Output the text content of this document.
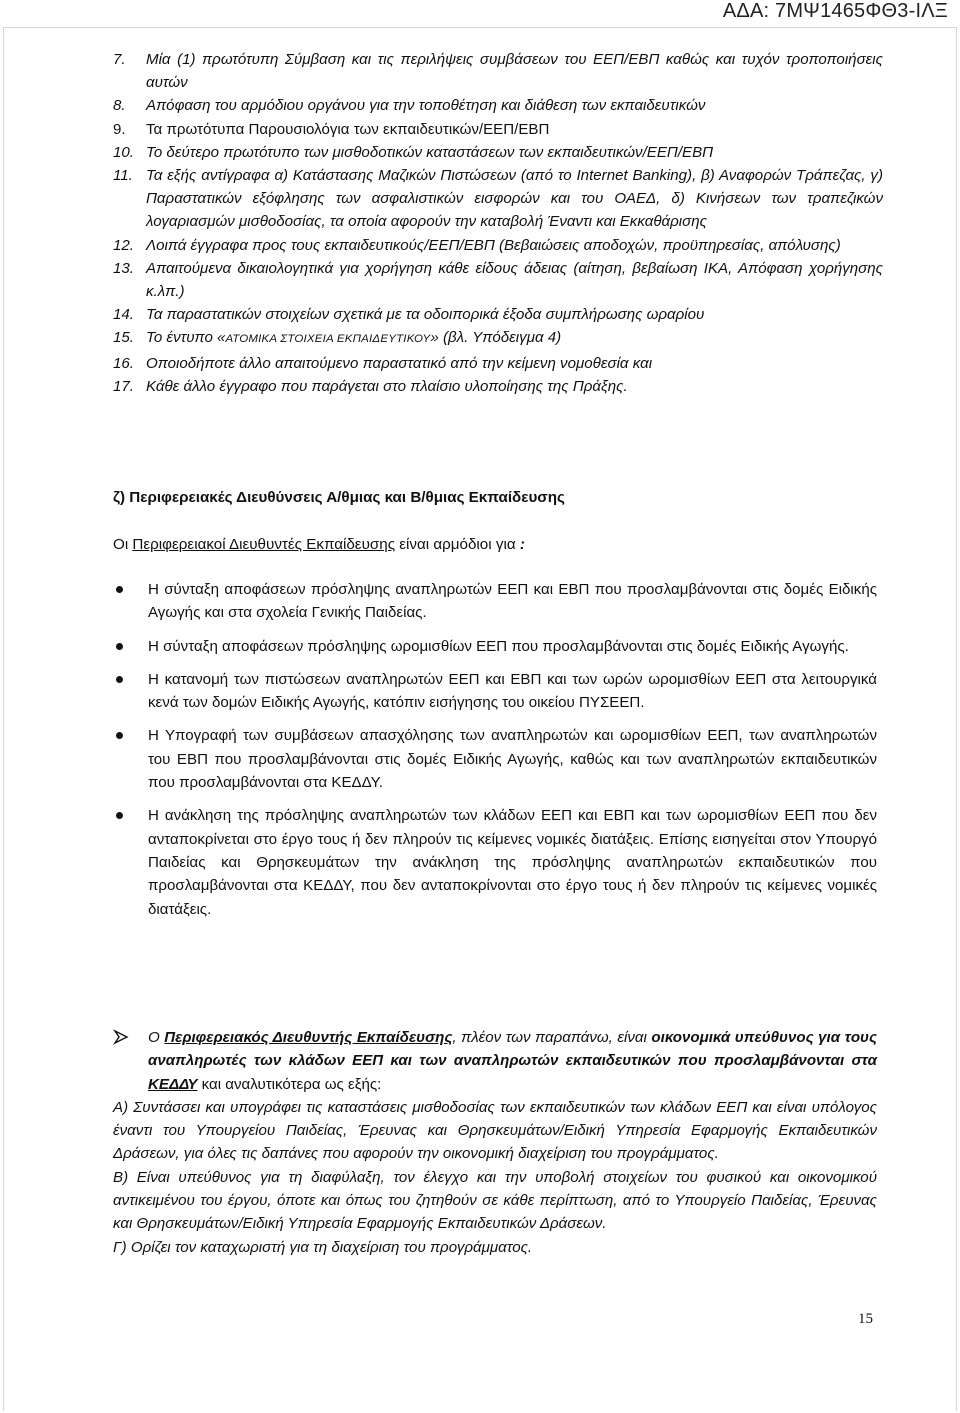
ΑΔΑ: 7ΜΨ1465ΦΘ3-ΙΛΞ
7.	Μία (1) πρωτότυπη Σύμβαση και τις περιλήψεις συμβάσεων του ΕΕΠ/ΕΒΠ καθώς και τυχόν τροποποιήσεις αυτών
8.	Απόφαση του αρμόδιου οργάνου για την τοποθέτηση και διάθεση των εκπαιδευτικών
9.	Τα πρωτότυπα Παρουσιολόγια των εκπαιδευτικών/ΕΕΠ/ΕΒΠ
10. Το δεύτερο πρωτότυπο των μισθοδοτικών καταστάσεων των εκπαιδευτικών/ΕΕΠ/ΕΒΠ
11. Τα εξής αντίγραφα α) Κατάστασης Μαζικών Πιστώσεων (από το Internet Banking), β) Αναφορών Τράπεζας, γ) Παραστατικών εξόφλησης των ασφαλιστικών εισφορών και του ΟΑΕΔ, δ) Κινήσεων των τραπεζικών λογαριασμών μισθοδοσίας, τα οποία αφορούν την καταβολή Έναντι και Εκκαθάρισης
12. Λοιπά έγγραφα προς τους εκπαιδευτικούς/ΕΕΠ/ΕΒΠ (Βεβαιώσεις αποδοχών, προϋπηρεσίας, απόλυσης)
13. Απαιτούμενα δικαιολογητικά για χορήγηση κάθε είδους άδειας (αίτηση, βεβαίωση ΙΚΑ, Απόφαση χορήγησης κ.λπ.)
14. Τα παραστατικών στοιχείων σχετικά με τα οδοιπορικά έξοδα συμπλήρωσης ωραρίου
15. Το έντυπο «ΑΤΟΜΙΚΑ ΣΤΟΙΧΕΙΑ ΕΚΠΑΙΔΕΥΤΙΚΟΥ» (βλ. Υπόδειγμα 4)
16. Οποιοδήποτε άλλο απαιτούμενο παραστατικό από την κείμενη νομοθεσία και
17. Κάθε άλλο έγγραφο που παράγεται στο πλαίσιο υλοποίησης της Πράξης.
ζ) Περιφερειακές Διευθύνσεις Α/θμιας και Β/θμιας Εκπαίδευσης
Οι Περιφερειακοί Διευθυντές Εκπαίδευσης είναι αρμόδιοι για :
Η σύνταξη αποφάσεων πρόσληψης αναπληρωτών ΕΕΠ και ΕΒΠ που προσλαμβάνονται στις δομές Ειδικής Αγωγής και στα σχολεία Γενικής Παιδείας.
Η σύνταξη αποφάσεων πρόσληψης ωρομισθίων ΕΕΠ που προσλαμβάνονται στις δομές Ειδικής Αγωγής.
Η κατανομή των πιστώσεων αναπληρωτών ΕΕΠ και ΕΒΠ και των ωρών ωρομισθίων ΕΕΠ στα λειτουργικά κενά των δομών Ειδικής Αγωγής, κατόπιν εισήγησης του οικείου ΠΥΣΕΕΠ.
Η Υπογραφή των συμβάσεων απασχόλησης των αναπληρωτών και ωρομισθίων ΕΕΠ, των αναπληρωτών του ΕΒΠ που προσλαμβάνονται στις δομές Ειδικής Αγωγής, καθώς και των αναπληρωτών εκπαιδευτικών που προσλαμβάνονται στα ΚΕΔΔΥ.
Η ανάκληση της πρόσληψης αναπληρωτών των κλάδων ΕΕΠ και ΕΒΠ και των ωρομισθίων ΕΕΠ που δεν ανταποκρίνεται στο έργο τους ή δεν πληρούν τις κείμενες νομικές διατάξεις. Επίσης εισηγείται στον Υπουργό Παιδείας και Θρησκευμάτων την ανάκληση της πρόσληψης αναπληρωτών εκπαιδευτικών που προσλαμβάνονται στα ΚΕΔΔΥ, που δεν ανταποκρίνονται στο έργο τους ή δεν πληρούν τις κείμενες νομικές διατάξεις.
Ο Περιφερειακός Διευθυντής Εκπαίδευσης, πλέον των παραπάνω, είναι οικονομικά υπεύθυνος για τους αναπληρωτές των κλάδων ΕΕΠ και των αναπληρωτών εκπαιδευτικών που προσλαμβάνονται στα ΚΕΔΔΥ και αναλυτικότερα ως εξής:
Α) Συντάσσει και υπογράφει τις καταστάσεις μισθοδοσίας των εκπαιδευτικών των κλάδων ΕΕΠ και είναι υπόλογος έναντι του Υπουργείου Παιδείας, Έρευνας και Θρησκευμάτων/Ειδική Υπηρεσία Εφαρμογής Εκπαιδευτικών Δράσεων, για όλες τις δαπάνες που αφορούν την οικονομική διαχείριση του προγράμματος.
Β) Είναι υπεύθυνος για τη διαφύλαξη, τον έλεγχο και την υποβολή στοιχείων του φυσικού και οικονομικού αντικειμένου του έργου, όποτε και όπως του ζητηθούν σε κάθε περίπτωση, από το Υπουργείο Παιδείας, Έρευνας και Θρησκευμάτων/Ειδική Υπηρεσία Εφαρμογής Εκπαιδευτικών Δράσεων.
Γ) Ορίζει τον καταχωριστή για τη διαχείριση του προγράμματος.
15
